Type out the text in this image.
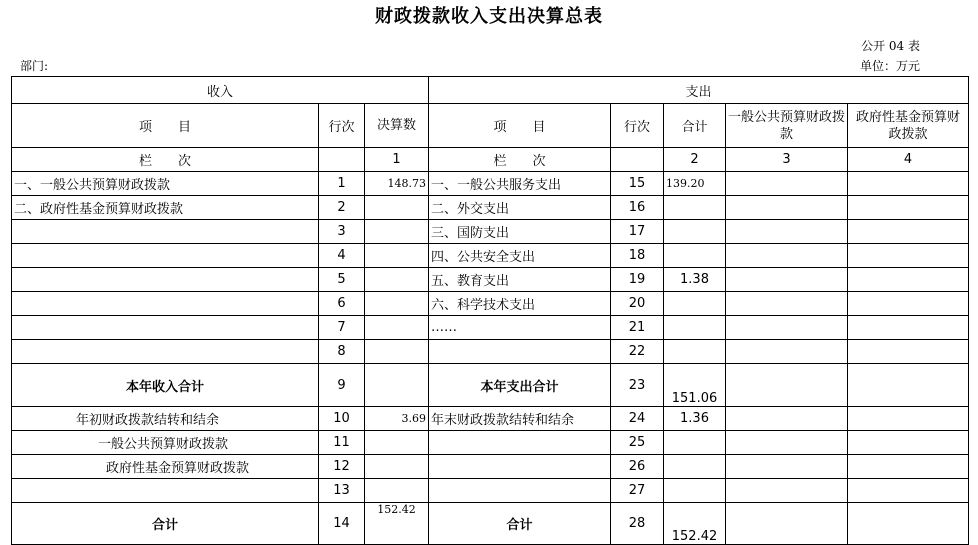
财政拨款收入支出决算总表
公开 04 表
部门:	单位：万元
收入			支出				
项　　目	行次	决算数	项　　目	行次	合计	一般公共预算财政拨款	政府性基金预算财政拨款
栏　　次		1	栏　　次		2	3	4
一、一般公共预算财政拨款	1	148.73	一、一般公共服务支出	15	139.20		
二、政府性基金预算财政拨款	2		二、外交支出	16			
	3		三、国防支出	17			
	4		四、公共安全支出	18			
	5		五、教育支出	19	1.38		
	6		六、科学技术支出	20			
	7		……	21			
	8			22			
本年收入合计	9		本年支出合计	23	151.06		
年初财政拨款结转和结余	10	3.69	年末财政拨款结转和结余	24	1.36		
一般公共预算财政拨款	11			25			
政府性基金预算财政拨款	12			26			
	13			27			
合计	14	152.42	合计	28	152.42		
